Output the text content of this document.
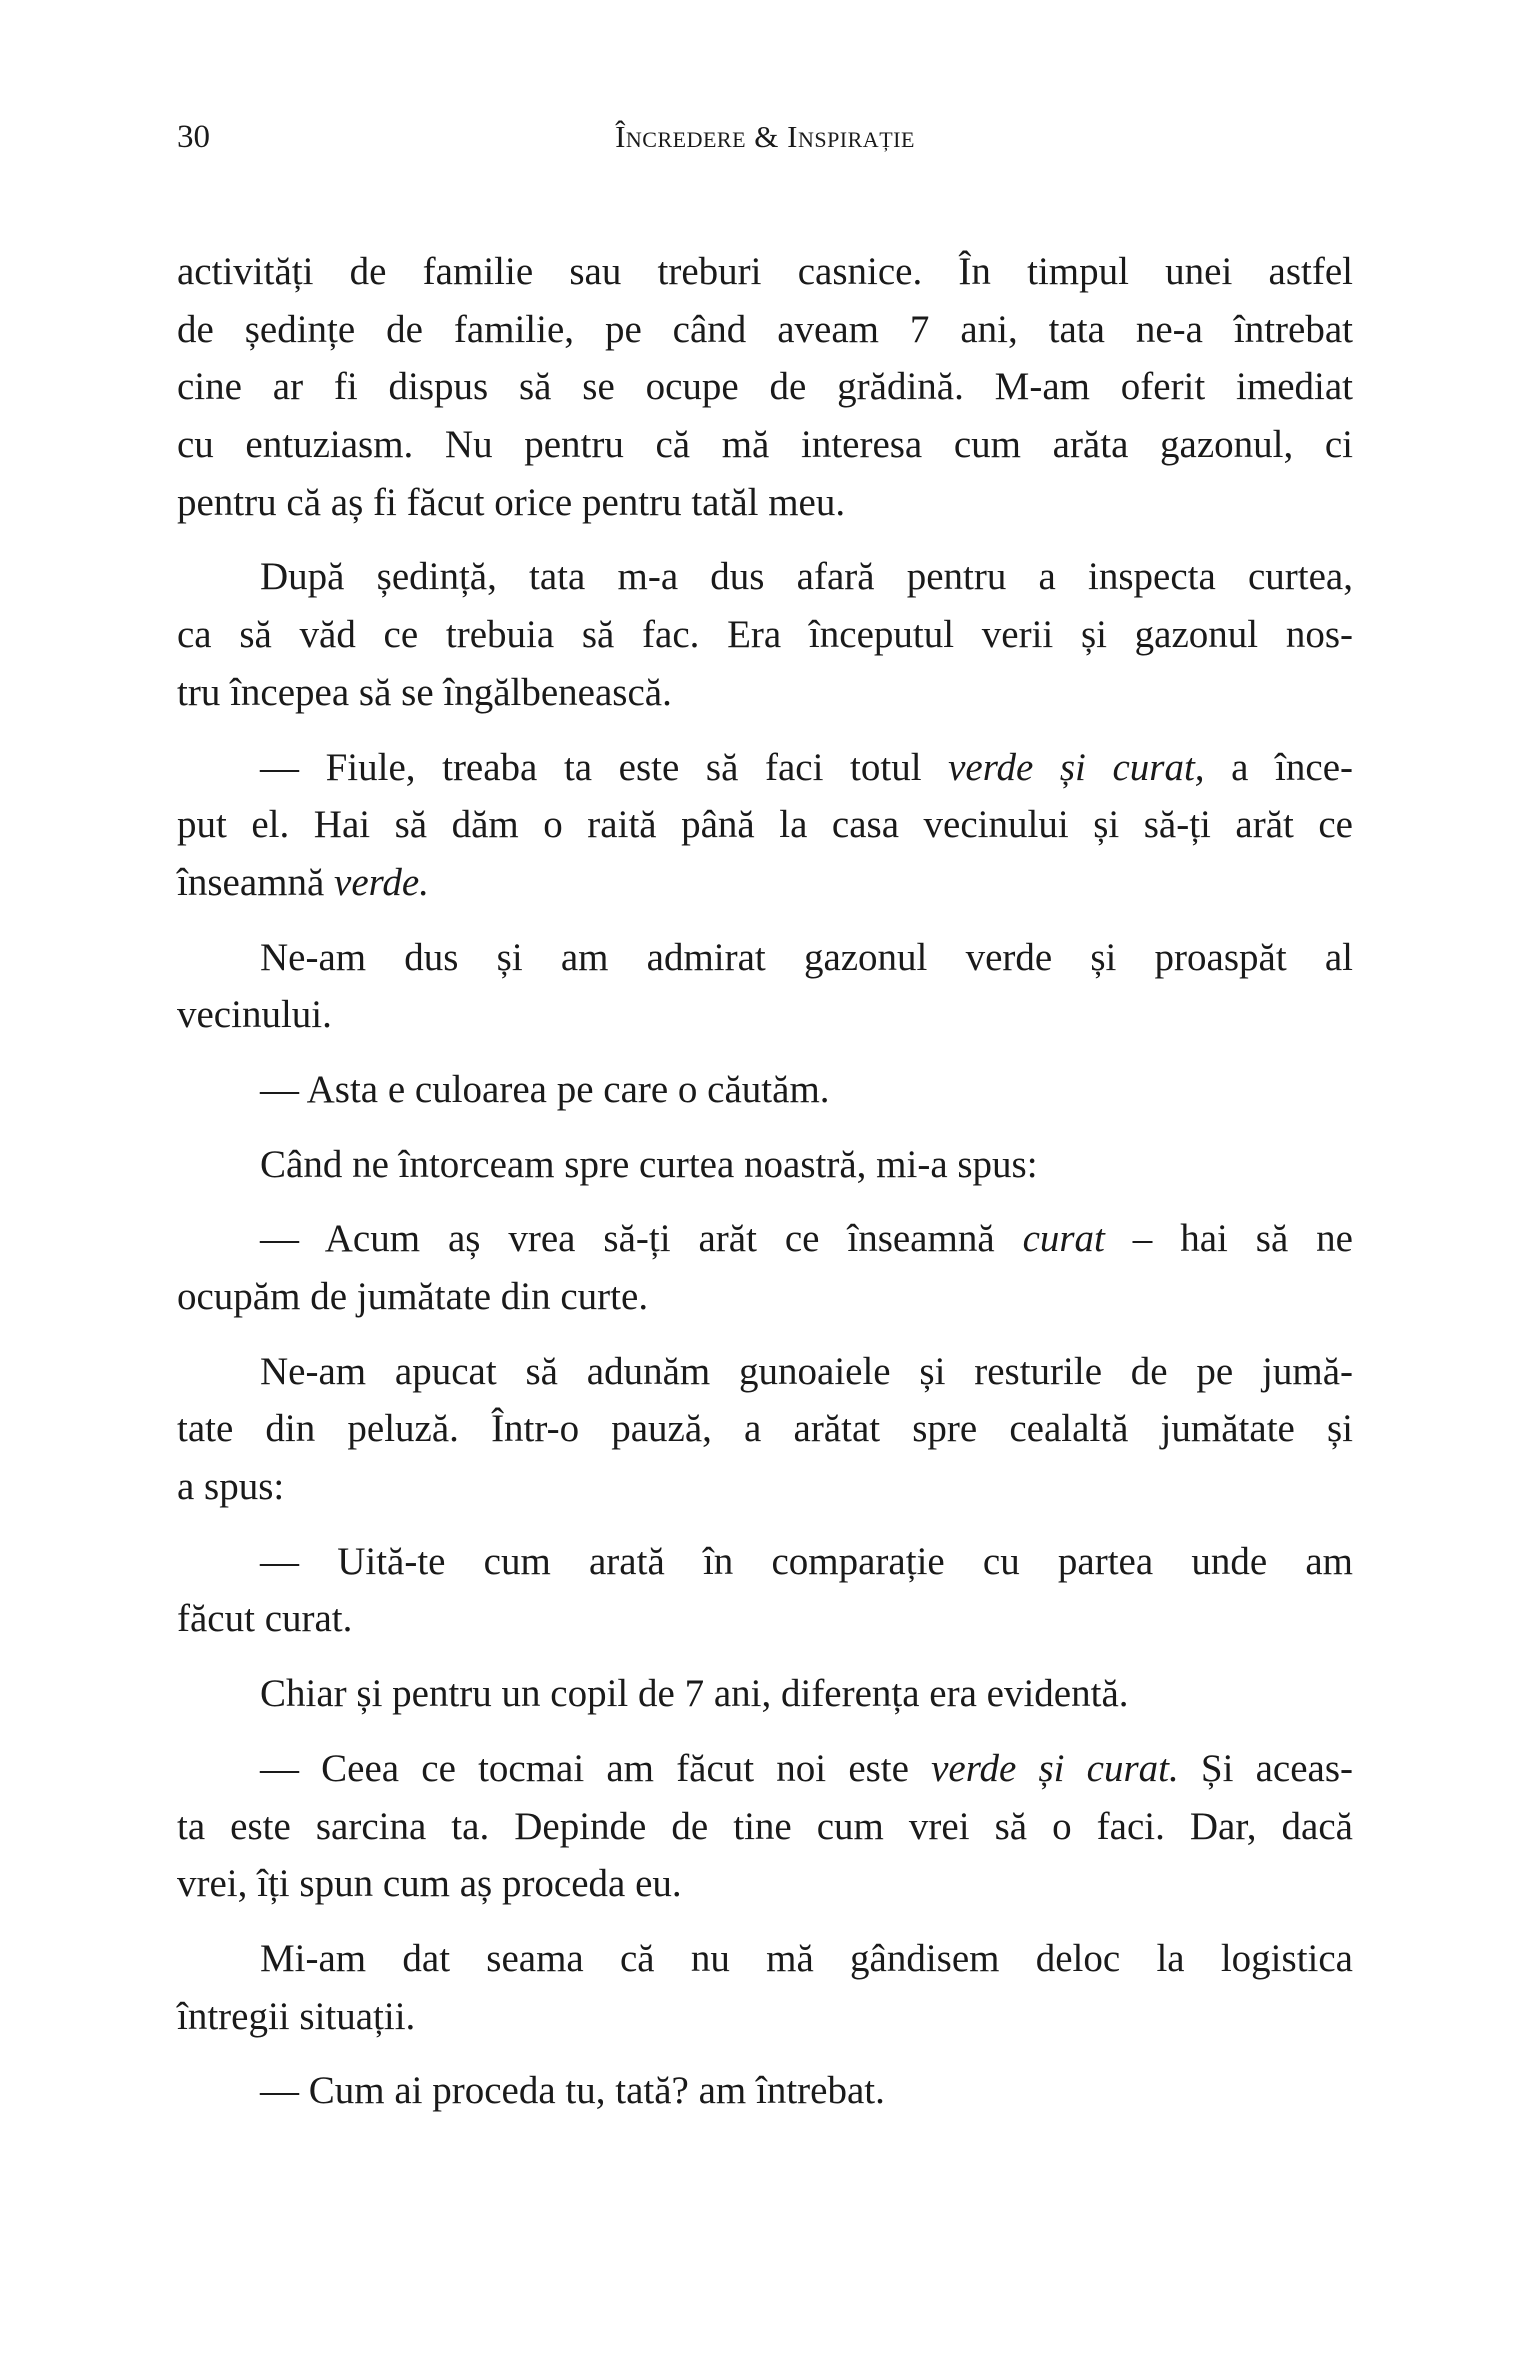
30	Încredere & Inspirație
activități de familie sau treburi casnice. În timpul unei astfel
de ședințe de familie, pe când aveam 7 ani, tata ne-a întrebat
cine ar fi dispus să se ocupe de grădină. M-am oferit imediat
cu entuziasm. Nu pentru că mă interesa cum arăta gazonul, ci
pentru că aș fi făcut orice pentru tatăl meu.
După ședință, tata m-a dus afară pentru a inspecta curtea,
ca să văd ce trebuia să fac. Era începutul verii și gazonul nos-
tru începea să se îngălbenească.
— Fiule, treaba ta este să faci totul verde și curat, a înce-
put el. Hai să dăm o raită până la casa vecinului și să-ți arăt ce
înseamnă verde.
Ne-am dus și am admirat gazonul verde și proaspăt al
vecinului.
— Asta e culoarea pe care o căutăm.
Când ne întorceam spre curtea noastră, mi-a spus:
— Acum aș vrea să-ți arăt ce înseamnă curat – hai să ne
ocupăm de jumătate din curte.
Ne-am apucat să adunăm gunoaiele și resturile de pe jumă-
tate din peluză. Într-o pauză, a arătat spre cealaltă jumătate și
a spus:
— Uită-te cum arată în comparație cu partea unde am
făcut curat.
Chiar și pentru un copil de 7 ani, diferența era evidentă.
— Ceea ce tocmai am făcut noi este verde și curat. Și aceas-
ta este sarcina ta. Depinde de tine cum vrei să o faci. Dar, dacă
vrei, îți spun cum aș proceda eu.
Mi-am dat seama că nu mă gândisem deloc la logistica
întregii situații.
— Cum ai proceda tu, tată? am întrebat.
